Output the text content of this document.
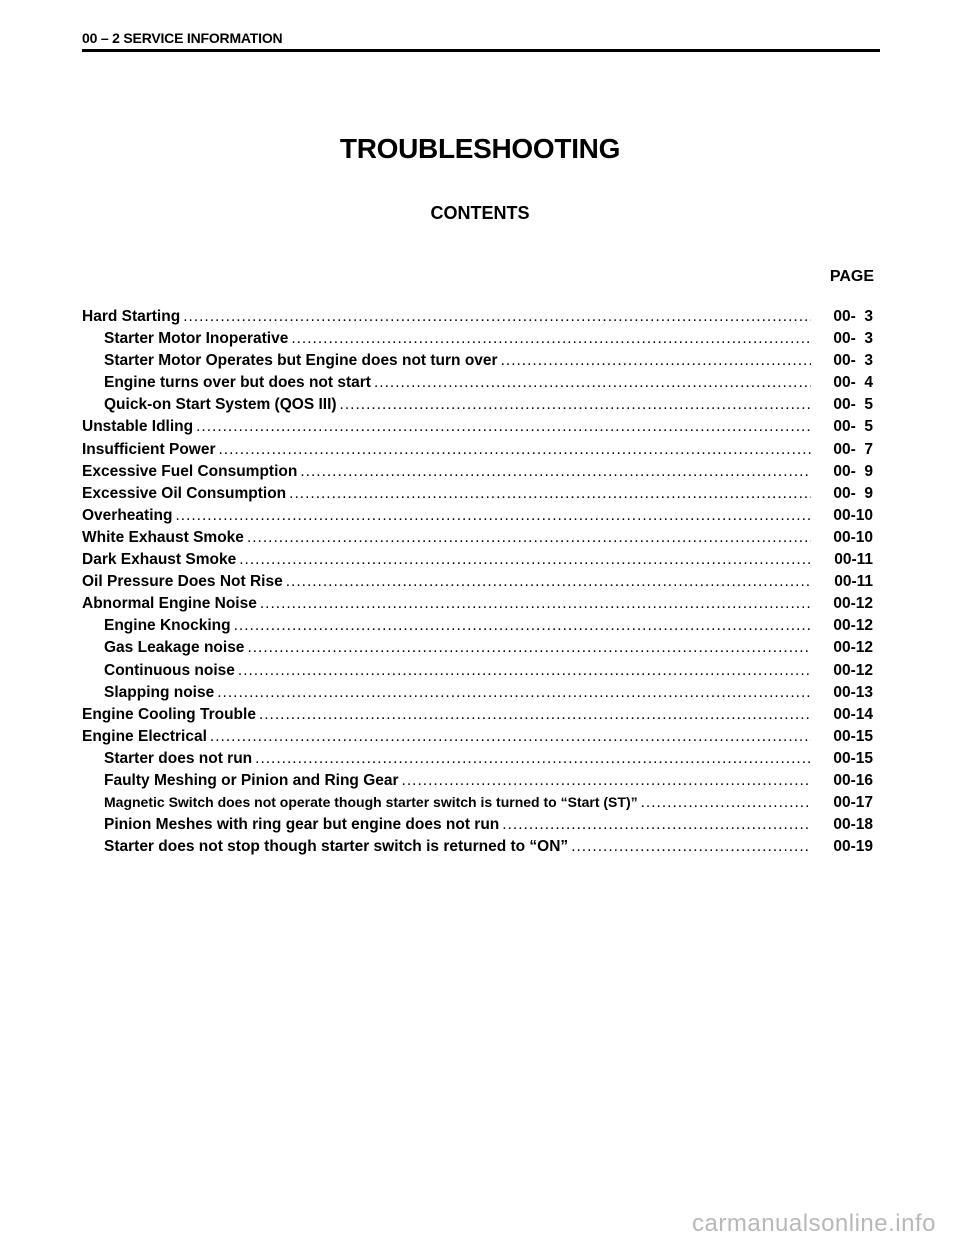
00 – 2 SERVICE INFORMATION
TROUBLESHOOTING
CONTENTS
PAGE
Hard Starting .....	00-  3
Starter Motor Inoperative .....	00-  3
Starter Motor Operates but Engine does not turn over .....	00-  3
Engine turns over but does not start .....	00-  4
Quick-on Start System (QOS III) .....	00-  5
Unstable Idling .....	00-  5
Insufficient Power .....	00-  7
Excessive Fuel Consumption .....	00-  9
Excessive Oil Consumption .....	00-  9
Overheating .....	00-10
White Exhaust Smoke .....	00-10
Dark Exhaust Smoke .....	00-11
Oil Pressure Does Not Rise .....	00-11
Abnormal Engine Noise .....	00-12
Engine Knocking .....	00-12
Gas Leakage noise .....	00-12
Continuous noise .....	00-12
Slapping noise .....	00-13
Engine Cooling Trouble .....	00-14
Engine Electrical .....	00-15
Starter does not run .....	00-15
Faulty Meshing or Pinion and Ring Gear .....	00-16
Magnetic Switch does not operate though starter switch is turned to “Start (ST)” .....	00-17
Pinion Meshes with ring gear but engine does not run .....	00-18
Starter does not stop though starter switch is returned to “ON” .....	00-19
carmanualsonline.info
